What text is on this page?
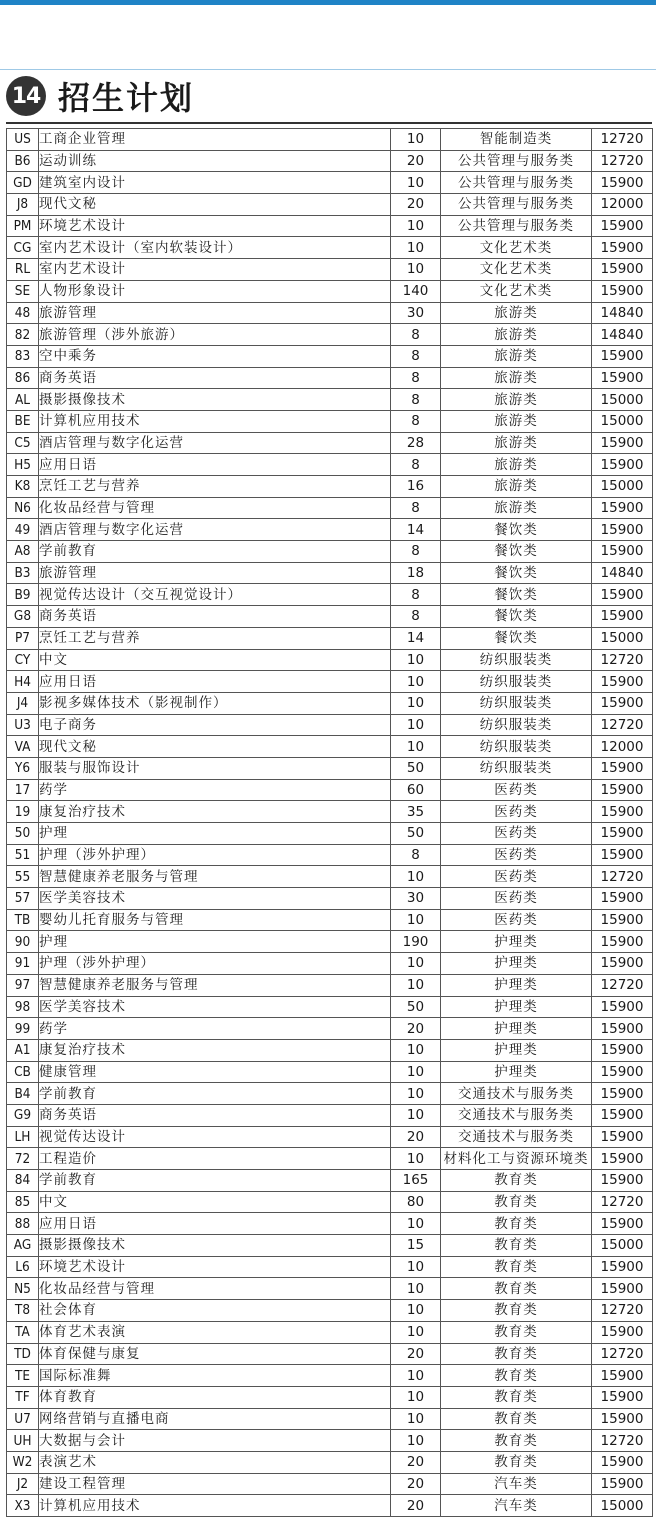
14 招生计划
US	工商企业管理	10	智能制造类	12720
B6	运动训练	20	公共管理与服务类	12720
GD	建筑室内设计	10	公共管理与服务类	15900
J8	现代文秘	20	公共管理与服务类	12000
PM	环境艺术设计	10	公共管理与服务类	15900
CG	室内艺术设计（室内软装设计）	10	文化艺术类	15900
RL	室内艺术设计	10	文化艺术类	15900
SE	人物形象设计	140	文化艺术类	15900
48	旅游管理	30	旅游类	14840
82	旅游管理（涉外旅游）	8	旅游类	14840
83	空中乘务	8	旅游类	15900
86	商务英语	8	旅游类	15900
AL	摄影摄像技术	8	旅游类	15000
BE	计算机应用技术	8	旅游类	15000
C5	酒店管理与数字化运营	28	旅游类	15900
H5	应用日语	8	旅游类	15900
K8	烹饪工艺与营养	16	旅游类	15000
N6	化妆品经营与管理	8	旅游类	15900
49	酒店管理与数字化运营	14	餐饮类	15900
A8	学前教育	8	餐饮类	15900
B3	旅游管理	18	餐饮类	14840
B9	视觉传达设计（交互视觉设计）	8	餐饮类	15900
G8	商务英语	8	餐饮类	15900
P7	烹饪工艺与营养	14	餐饮类	15000
CY	中文	10	纺织服装类	12720
H4	应用日语	10	纺织服装类	15900
J4	影视多媒体技术（影视制作）	10	纺织服装类	15900
U3	电子商务	10	纺织服装类	12720
VA	现代文秘	10	纺织服装类	12000
Y6	服装与服饰设计	50	纺织服装类	15900
17	药学	60	医药类	15900
19	康复治疗技术	35	医药类	15900
50	护理	50	医药类	15900
51	护理（涉外护理）	8	医药类	15900
55	智慧健康养老服务与管理	10	医药类	12720
57	医学美容技术	30	医药类	15900
TB	婴幼儿托育服务与管理	10	医药类	15900
90	护理	190	护理类	15900
91	护理（涉外护理）	10	护理类	15900
97	智慧健康养老服务与管理	10	护理类	12720
98	医学美容技术	50	护理类	15900
99	药学	20	护理类	15900
A1	康复治疗技术	10	护理类	15900
CB	健康管理	10	护理类	15900
B4	学前教育	10	交通技术与服务类	15900
G9	商务英语	10	交通技术与服务类	15900
LH	视觉传达设计	20	交通技术与服务类	15900
72	工程造价	10	材料化工与资源环境类	15900
84	学前教育	165	教育类	15900
85	中文	80	教育类	12720
88	应用日语	10	教育类	15900
AG	摄影摄像技术	15	教育类	15000
L6	环境艺术设计	10	教育类	15900
N5	化妆品经营与管理	10	教育类	15900
T8	社会体育	10	教育类	12720
TA	体育艺术表演	10	教育类	15900
TD	体育保健与康复	20	教育类	12720
TE	国际标准舞	10	教育类	15900
TF	体育教育	10	教育类	15900
U7	网络营销与直播电商	10	教育类	15900
UH	大数据与会计	10	教育类	12720
W2	表演艺术	20	教育类	15900
J2	建设工程管理	20	汽车类	15900
X3	计算机应用技术	20	汽车类	15000
